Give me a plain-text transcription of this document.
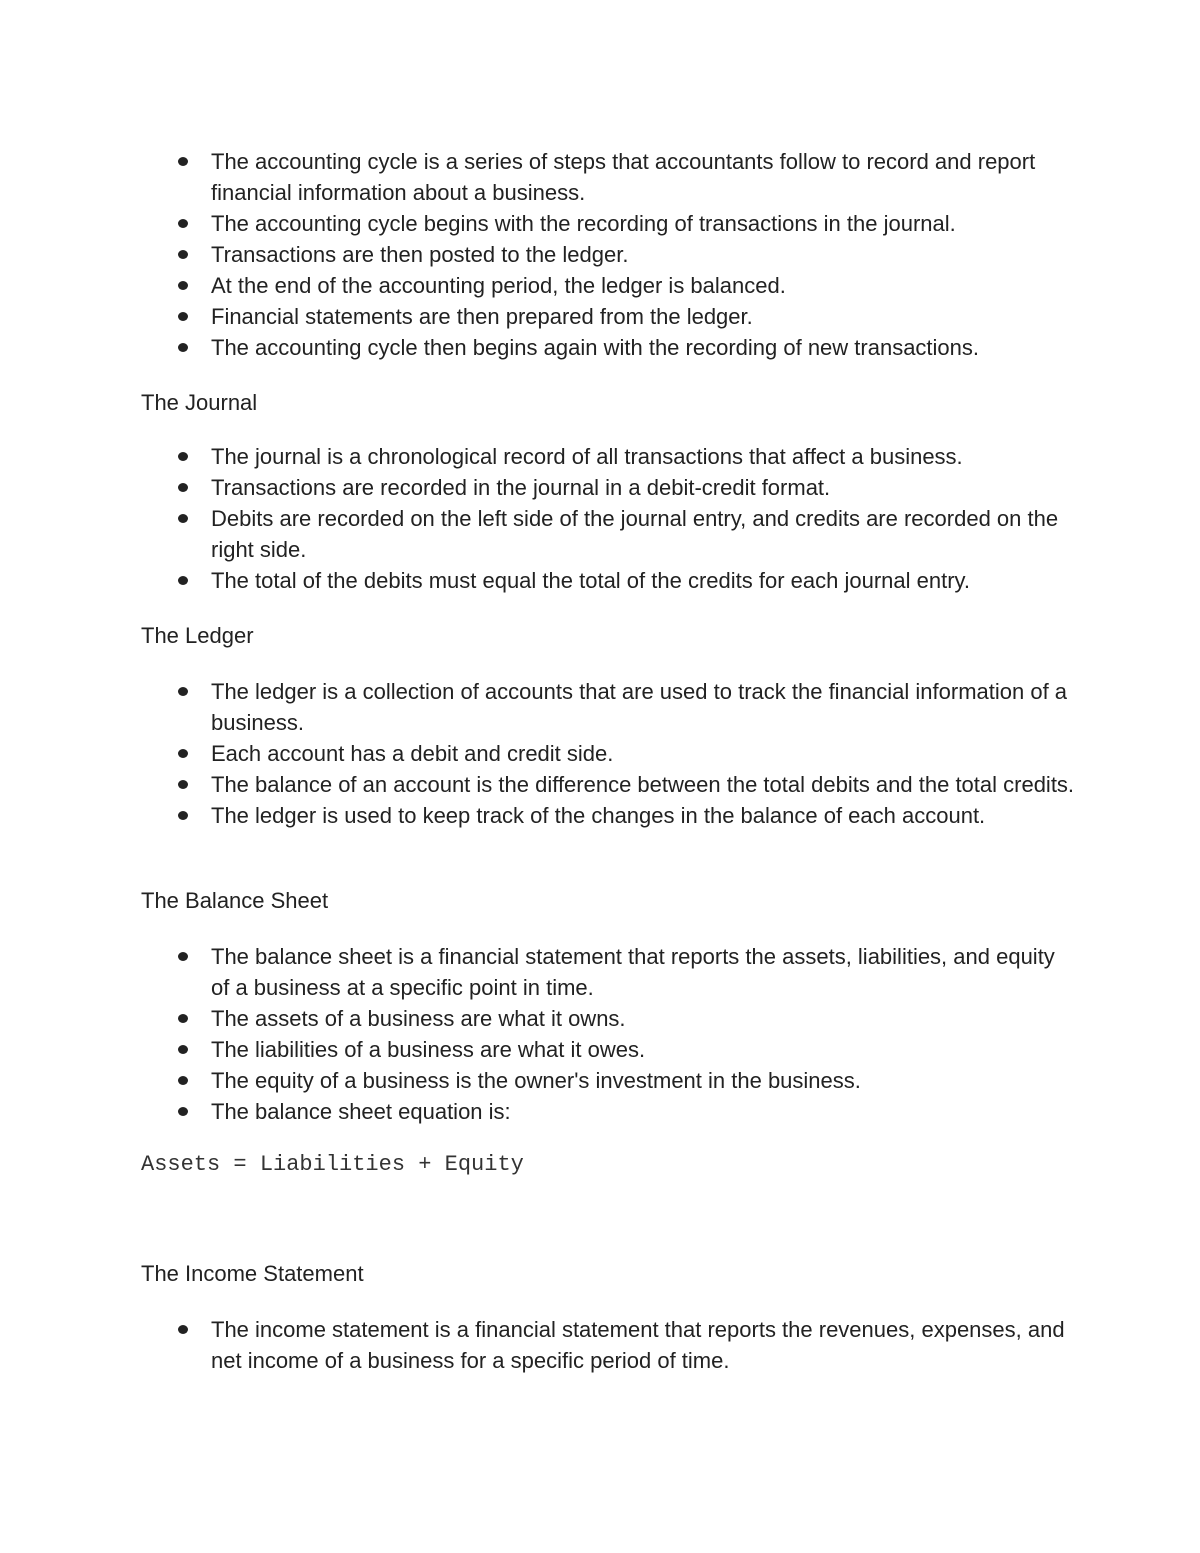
The accounting cycle is a series of steps that accountants follow to record and report financial information about a business.
The accounting cycle begins with the recording of transactions in the journal.
Transactions are then posted to the ledger.
At the end of the accounting period, the ledger is balanced.
Financial statements are then prepared from the ledger.
The accounting cycle then begins again with the recording of new transactions.
The Journal
The journal is a chronological record of all transactions that affect a business.
Transactions are recorded in the journal in a debit-credit format.
Debits are recorded on the left side of the journal entry, and credits are recorded on the right side.
The total of the debits must equal the total of the credits for each journal entry.
The Ledger
The ledger is a collection of accounts that are used to track the financial information of a business.
Each account has a debit and credit side.
The balance of an account is the difference between the total debits and the total credits.
The ledger is used to keep track of the changes in the balance of each account.
The Balance Sheet
The balance sheet is a financial statement that reports the assets, liabilities, and equity of a business at a specific point in time.
The assets of a business are what it owns.
The liabilities of a business are what it owes.
The equity of a business is the owner's investment in the business.
The balance sheet equation is:
Assets = Liabilities + Equity
The Income Statement
The income statement is a financial statement that reports the revenues, expenses, and net income of a business for a specific period of time.
